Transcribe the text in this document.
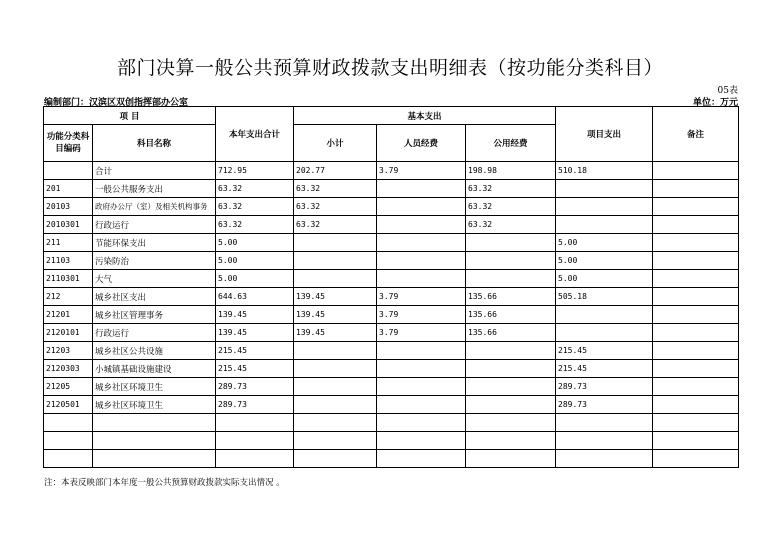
部门决算一般公共预算财政拨款支出明细表（按功能分类科目）
05表
编制部门：汉滨区双创指挥部办公室	单位：万元
项 目		本年支出合计	基本支出			项目支出	备注
功能分类科目编码	科目名称		小计	人员经费	公用经费		
	合计	712.95	202.77	3.79	198.98	510.18	
201	一般公共服务支出	63.32	63.32		63.32		
20103	政府办公厅（室）及相关机构事务	63.32	63.32		63.32		
2010301	行政运行	63.32	63.32		63.32		
211	节能环保支出	5.00				5.00	
21103	污染防治	5.00				5.00	
2110301	大气	5.00				5.00	
212	城乡社区支出	644.63	139.45	3.79	135.66	505.18	
21201	城乡社区管理事务	139.45	139.45	3.79	135.66		
2120101	行政运行	139.45	139.45	3.79	135.66		
21203	城乡社区公共设施	215.45				215.45	
2120303	小城镇基础设施建设	215.45				215.45	
21205	城乡社区环境卫生	289.73				289.73	
2120501	城乡社区环境卫生	289.73				289.73	

注：本表反映部门本年度一般公共预算财政拨款实际支出情况 。
